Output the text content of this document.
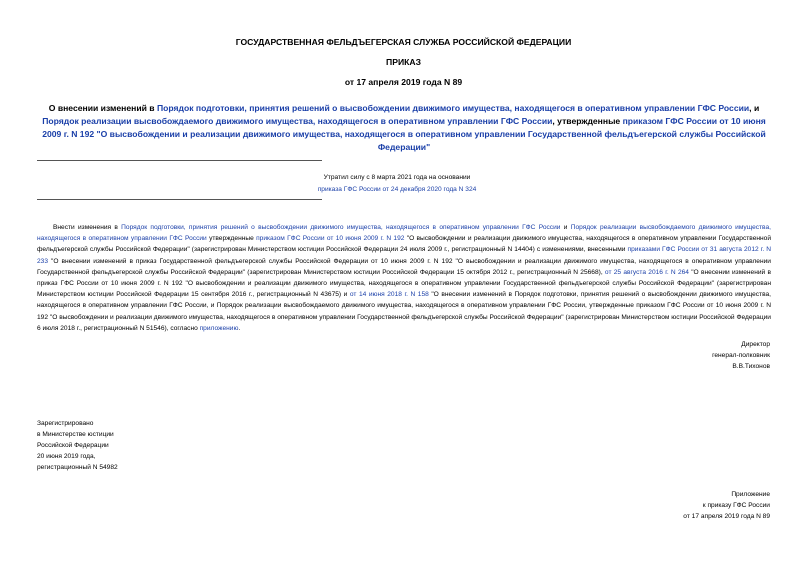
ГОСУДАРСТВЕННАЯ ФЕЛЬДЪЕГЕРСКАЯ СЛУЖБА РОССИЙСКОЙ ФЕДЕРАЦИИ
ПРИКАЗ
от 17 апреля 2019 года N 89
О внесении изменений в Порядок подготовки, принятия решений о высвобождении движимого имущества, находящегося в оперативном управлении ГФС России, и Порядок реализации высвобождаемого движимого имущества, находящегося в оперативном управлении ГФС России, утвержденные приказом ГФС России от 10 июня 2009 г. N 192 "О высвобождении и реализации движимого имущества, находящегося в оперативном управлении Государственной фельдъегерской службы Российской Федерации"
Утратил силу с 8 марта 2021 года на основании
приказа ГФС России от 24 декабря 2020 года N 324
Внести изменения в Порядок подготовки, принятия решений о высвобождении движимого имущества, находящегося в оперативном управлении ГФС России и Порядок реализации высвобождаемого движимого имущества, находящегося в оперативном управлении ГФС России утвержденные приказом ГФС России от 10 июня 2009 г. N 192 "О высвобождении и реализации движимого имущества, находящегося в оперативном управлении Государственной фельдъегерской службы Российской Федерации" (зарегистрирован Министерством юстиции Российской Федерации 24 июля 2009 г., регистрационный N 14404) с изменениями, внесенными приказами ГФС России от 31 августа 2012 г. N 233 "О внесении изменений в приказ Государственной фельдъегерской службы Российской Федерации от 10 июня 2009 г. N 192 "О высвобождении и реализации движимого имущества, находящегося в оперативном управлении Государственной фельдъегерской службы Российской Федерации" (зарегистрирован Министерством юстиции Российской Федерации 15 октября 2012 г., регистрационный N 25668), от 25 августа 2016 г. N 264 "О внесении изменений в приказ ГФС России от 10 июня 2009 г. N 192 "О высвобождении и реализации движимого имущества, находящегося в оперативном управлении Государственной фельдъегерской службы Российской Федерации" (зарегистрирован Министерством юстиции Российской Федерации 15 сентября 2016 г., регистрационный N 43675) и от 14 июня 2018 г. N 158 "О внесении изменений в Порядок подготовки, принятия решений о высвобождении движимого имущества, находящегося в оперативном управлении ГФС России, и Порядок реализации высвобождаемого движимого имущества, находящегося в оперативном управлении ГФС России, утвержденные приказом ГФС России от 10 июня 2009 г. N 192 "О высвобождении и реализации движимого имущества, находящегося в оперативном управлении Государственной фельдъегерской службы Российской Федерации" (зарегистрирован Министерством юстиции Российской Федерации 6 июля 2018 г., регистрационный N 51546), согласно приложению.
Директор
генерал-полковник
В.В.Тихонов
Зарегистрировано
в Министерстве юстиции
Российской Федерации
20 июня 2019 года,
регистрационный N 54982
Приложение
к приказу ГФС России
от 17 апреля 2019 года N 89
